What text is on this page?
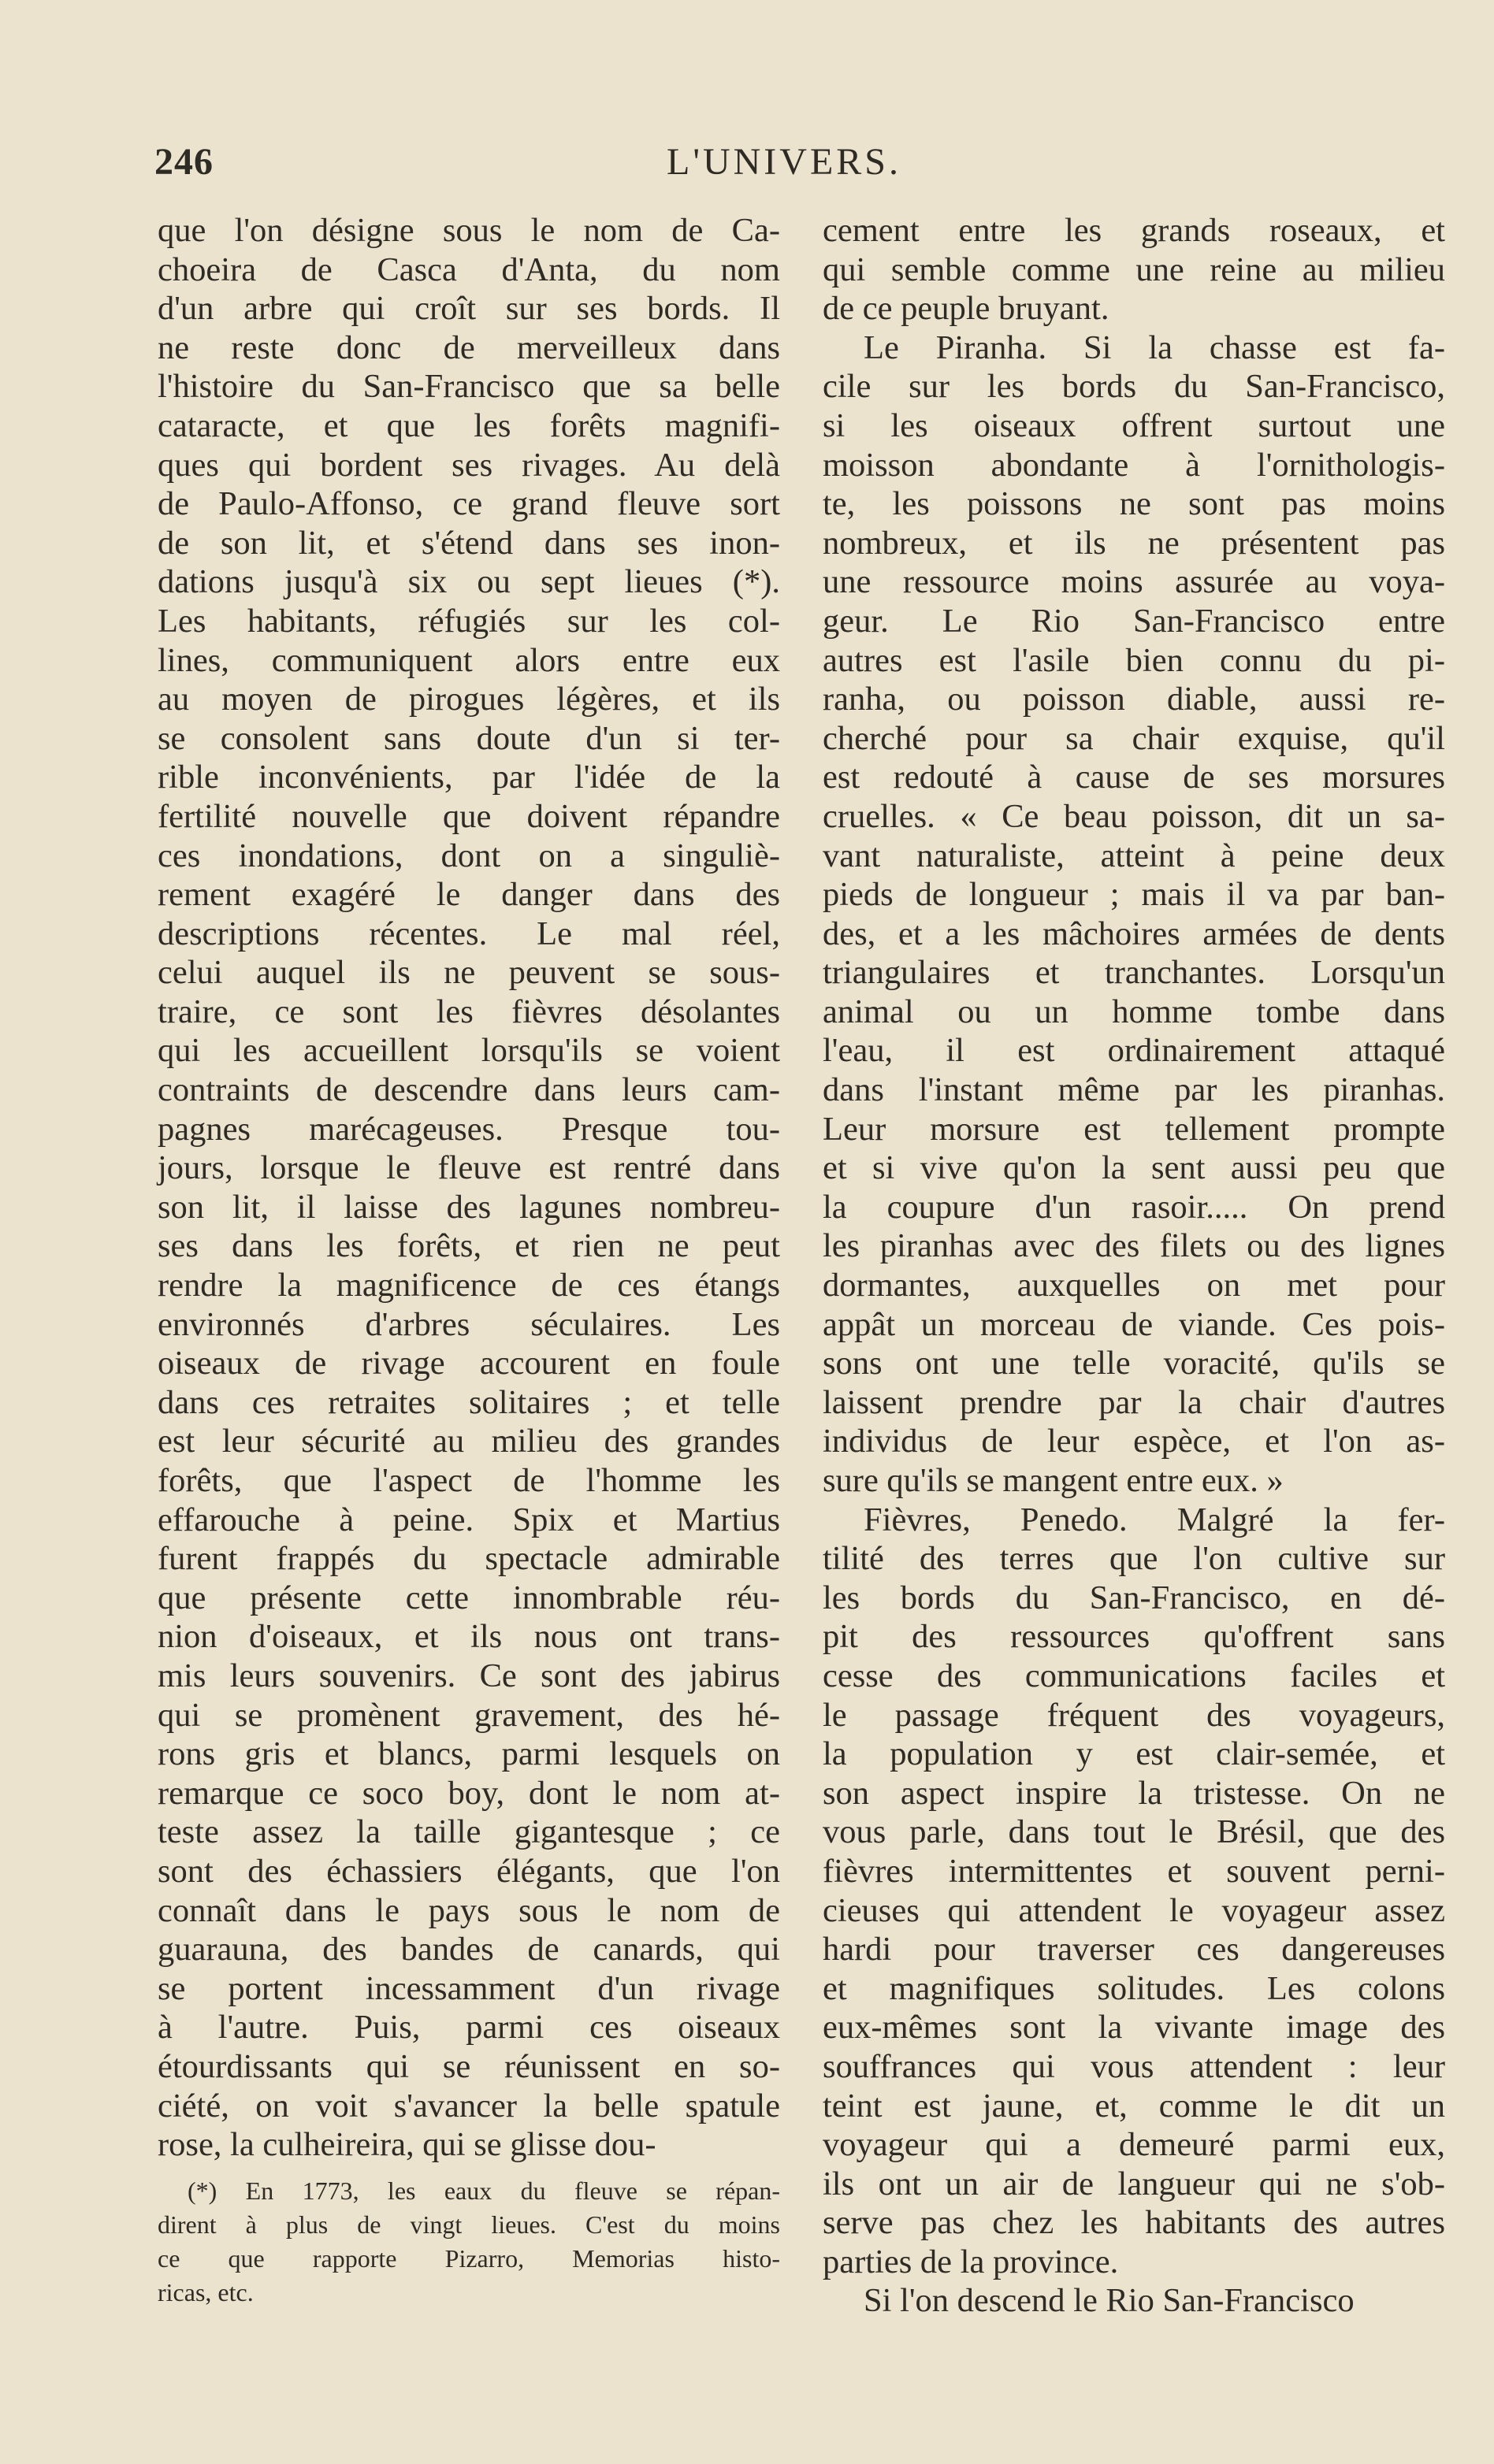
246	L'UNIVERS.
que l'on désigne sous le nom de Ca-
choeira de Casca d'Anta, du nom
d'un arbre qui croît sur ses bords. Il
ne reste donc de merveilleux dans
l'histoire du San-Francisco que sa belle
cataracte, et que les forêts magnifi-
ques qui bordent ses rivages. Au delà
de Paulo-Affonso, ce grand fleuve sort
de son lit, et s'étend dans ses inon-
dations jusqu'à six ou sept lieues (*).
Les habitants, réfugiés sur les col-
lines, communiquent alors entre eux
au moyen de pirogues légères, et ils
se consolent sans doute d'un si ter-
rible inconvénients, par l'idée de la
fertilité nouvelle que doivent répandre
ces inondations, dont on a singuliè-
rement exagéré le danger dans des
descriptions récentes. Le mal réel,
celui auquel ils ne peuvent se sous-
traire, ce sont les fièvres désolantes
qui les accueillent lorsqu'ils se voient
contraints de descendre dans leurs cam-
pagnes marécageuses. Presque tou-
jours, lorsque le fleuve est rentré dans
son lit, il laisse des lagunes nombreu-
ses dans les forêts, et rien ne peut
rendre la magnificence de ces étangs
environnés d'arbres séculaires. Les
oiseaux de rivage accourent en foule
dans ces retraites solitaires ; et telle
est leur sécurité au milieu des grandes
forêts, que l'aspect de l'homme les
effarouche à peine. Spix et Martius
furent frappés du spectacle admirable
que présente cette innombrable réu-
nion d'oiseaux, et ils nous ont trans-
mis leurs souvenirs. Ce sont des jabirus
qui se promènent gravement, des hé-
rons gris et blancs, parmi lesquels on
remarque ce soco boy, dont le nom at-
teste assez la taille gigantesque ; ce
sont des échassiers élégants, que l'on
connaît dans le pays sous le nom de
guarauna, des bandes de canards, qui
se portent incessamment d'un rivage
à l'autre. Puis, parmi ces oiseaux
étourdissants qui se réunissent en so-
ciété, on voit s'avancer la belle spatule
rose, la culheireira, qui se glisse dou-
(*) En 1773, les eaux du fleuve se répan-
dirent à plus de vingt lieues. C'est du moins
ce que rapporte Pizarro, Memorias histo-
ricas, etc.
cement entre les grands roseaux, et
qui semble comme une reine au milieu
de ce peuple bruyant.
Le Piranha. Si la chasse est fa-
cile sur les bords du San-Francisco,
si les oiseaux offrent surtout une
moisson abondante à l'ornithologis-
te, les poissons ne sont pas moins
nombreux, et ils ne présentent pas
une ressource moins assurée au voya-
geur. Le Rio San-Francisco entre
autres est l'asile bien connu du pi-
ranha, ou poisson diable, aussi re-
cherché pour sa chair exquise, qu'il
est redouté à cause de ses morsures
cruelles. « Ce beau poisson, dit un sa-
vant naturaliste, atteint à peine deux
pieds de longueur ; mais il va par ban-
des, et a les mâchoires armées de dents
triangulaires et tranchantes. Lorsqu'un
animal ou un homme tombe dans
l'eau, il est ordinairement attaqué
dans l'instant même par les piranhas.
Leur morsure est tellement prompte
et si vive qu'on la sent aussi peu que
la coupure d'un rasoir..... On prend
les piranhas avec des filets ou des lignes
dormantes, auxquelles on met pour
appât un morceau de viande. Ces pois-
sons ont une telle voracité, qu'ils se
laissent prendre par la chair d'autres
individus de leur espèce, et l'on as-
sure qu'ils se mangent entre eux. »
Fièvres, Penedo. Malgré la fer-
tilité des terres que l'on cultive sur
les bords du San-Francisco, en dé-
pit des ressources qu'offrent sans
cesse des communications faciles et
le passage fréquent des voyageurs,
la population y est clair-semée, et
son aspect inspire la tristesse. On ne
vous parle, dans tout le Brésil, que des
fièvres intermittentes et souvent perni-
cieuses qui attendent le voyageur assez
hardi pour traverser ces dangereuses
et magnifiques solitudes. Les colons
eux-mêmes sont la vivante image des
souffrances qui vous attendent : leur
teint est jaune, et, comme le dit un
voyageur qui a demeuré parmi eux,
ils ont un air de langueur qui ne s'ob-
serve pas chez les habitants des autres
parties de la province.
Si l'on descend le Rio San-Francisco
